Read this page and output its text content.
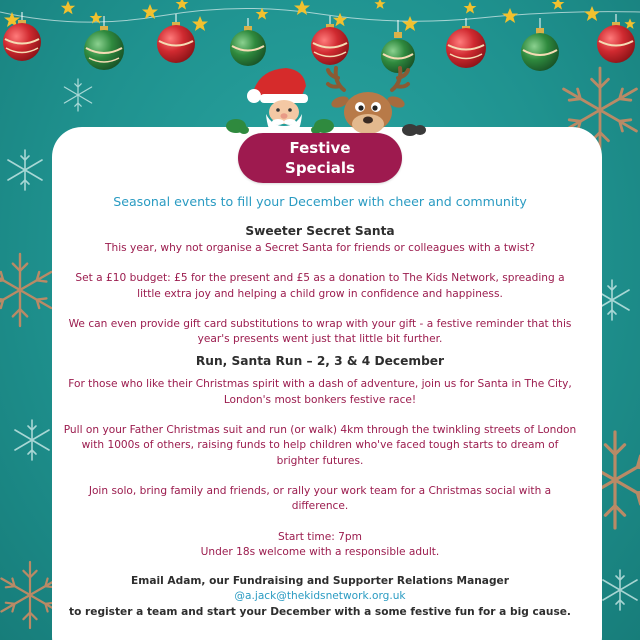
Festive
Specials

Seasonal events to fill your December with cheer and community

Sweeter Secret Santa

This year, why not organise a Secret Santa for friends or colleagues with a twist?

Set a £10 budget: £5 for the present and £5 as a donation to The Kids Network, spreading a little extra joy and helping a child grow in confidence and happiness.

We can even provide gift card substitutions to wrap with your gift - a festive reminder that this year's presents went just that little bit further.

Run, Santa Run – 2, 3 & 4 December

For those who like their Christmas spirit with a dash of adventure, join us for Santa in The City, London's most bonkers festive race!

Pull on your Father Christmas suit and run (or walk) 4km through the twinkling streets of London with 1000s of others, raising funds to help children who've faced tough starts to dream of brighter futures.

Join solo, bring family and friends, or rally your work team for a Christmas social with a difference.

Start time: 7pm

Under 18s welcome with a responsible adult.

Email Adam, our Fundraising and Supporter Relations Manager

@a.jack@thekidsnetwork.org.uk

to register a team and start your December with a some festive fun for a big cause.
